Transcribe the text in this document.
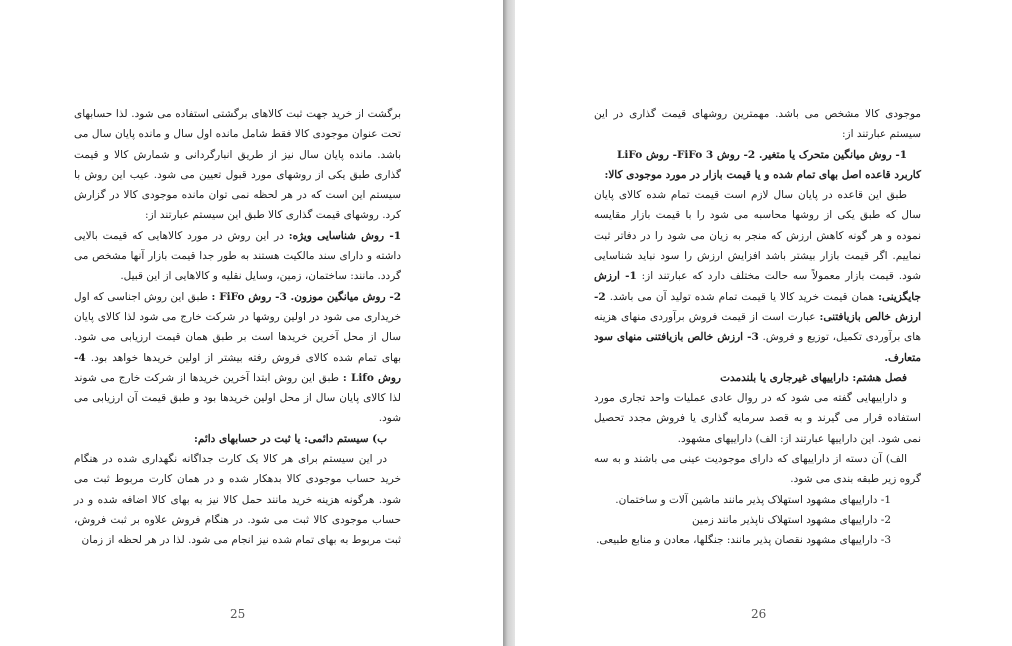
برگشت از خرید جهت ثبت کالاهای برگشتی استفاده می شود. لذا حسابهای تحت عنوان موجودی کالا فقط شامل مانده اول سال و مانده پایان سال می باشد. مانده پایان سال نیز از طریق انبارگردانی و شمارش کالا و قیمت گذاری طبق یکی از روشهای مورد قبول تعیین می شود. عیب این روش با سیستم این است که در هر لحظه نمی توان مانده موجودی کالا در گزارش کرد. روشهای قیمت گذاری کالا طبق این سیستم عبارتند از:

1- روش شناسایی ویژه: در این روش در مورد کالاهایی که قیمت بالایی داشته و دارای سند مالکیت هستند به طور جدا قیمت بازار آنها مشخص می گردد. مانند: ساختمان، زمین، وسایل نقلیه و کالاهایی از این قبیل.

2- روش میانگین موزون. 3- روش FiFo : طبق این روش اجناسی که اول خریداری می شود در اولین روشها در شرکت خارج می شود لذا کالای پایان سال از محل آخرین خریدها است بر طبق همان قیمت ارزیابی می شود. بهای تمام شده کالای فروش رفته بیشتر از اولین خریدها خواهد بود. 4- روش Lifo : طبق این روش ابتدا آخرین خریدها از شرکت خارج می شوند لذا کالای پایان سال از محل اولین خریدها بود و طبق قیمت آن ارزیابی می شود.

ب) سیستم دائمی: یا ثبت در حسابهای دائم:

در این سیستم برای هر کالا یک کارت جداگانه نگهداری شده در هنگام خرید حساب موجودی کالا بدهکار شده و در همان کارت مربوط ثبت می شود. هرگونه هزینه خرید مانند حمل کالا نیز به بهای کالا اضافه شده و در حساب موجودی کالا ثبت می شود. در هنگام فروش علاوه بر ثبت فروش، ثبت مربوط به بهای تمام شده نیز انجام می شود. لذا در هر لحظه از زمان

25

موجودی کالا مشخص می باشد. مهمترین روشهای قیمت گذاری در این سیستم عبارتند از:

1- روش میانگین متحرک یا متغیر. 2- روش FiFo 3- روش LiFo

کاربرد قاعده اصل بهای تمام شده و یا قیمت بازار در مورد موجودی کالا:

طبق این قاعده در پایان سال لازم است قیمت تمام شده کالای پایان سال که طبق یکی از روشها محاسبه می شود را با قیمت بازار مقایسه نموده و هر گونه کاهش ارزش که منجر به زیان می شود را در دفاتر ثبت نماییم. اگر قیمت بازار بیشتر باشد افزایش ارزش را سود نباید شناسایی شود. قیمت بازار معمولاً سه حالت مختلف دارد که عبارتند از: 1- ارزش جایگزینی: همان قیمت خرید کالا یا قیمت تمام شده تولید آن می باشد. 2- ارزش خالص بازیافتنی: عبارت است از قیمت فروش برآوردی منهای هزینه های برآوردی تکمیل، توزیع و فروش. 3- ارزش خالص بازیافتنی منهای سود متعارف.

فصل هشتم: داراییهای غیرجاری یا بلندمدت

و داراییهایی گفته می شود که در روال عادی عملیات واحد تجاری مورد استفاده قرار می گیرند و به قصد سرمایه گذاری یا فروش مجدد تحصیل نمی شود. این داراییها عبارتند از: الف) داراییهای مشهود.

الف) آن دسته از داراییهای که دارای موجودیت عینی می باشند و به سه گروه زیر طبقه بندی می شود.

1- داراییهای مشهود استهلاک پذیر مانند ماشین آلات و ساختمان.

2- داراییهای مشهود استهلاک ناپذیر مانند زمین

3- داراییهای مشهود نقصان پذیر مانند: جنگلها، معادن و منابع طبیعی.

26
